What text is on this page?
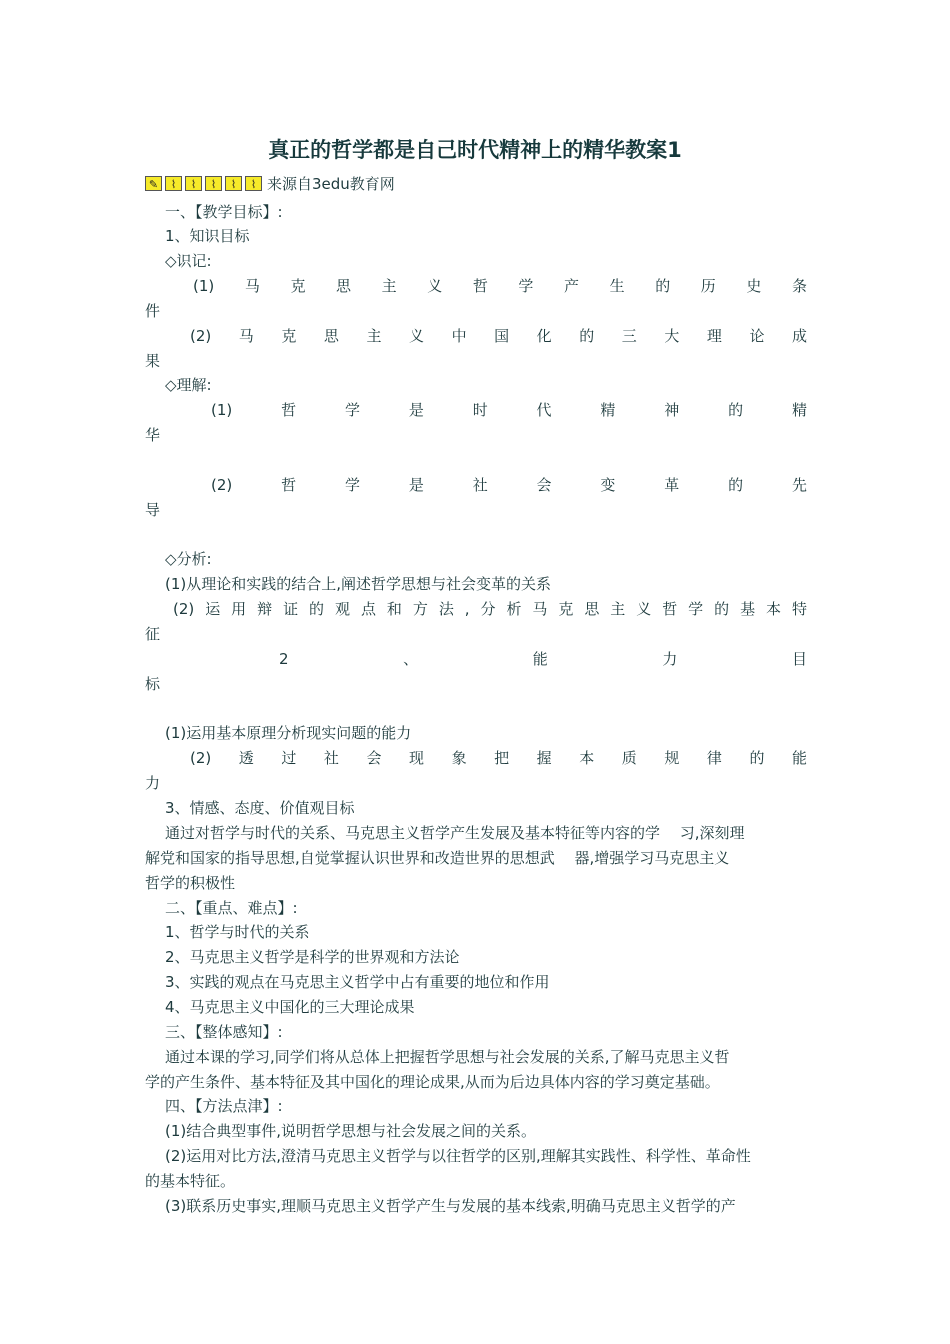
真正的哲学都是自己时代精神上的精华教案1
✎	⌇	⌇	⌇	⌇	⌇ 来源自3edu教育网
一、【教学目标】:
1、知识目标
◇识记:
(1)马克思主义哲学产生的历史条
件
(2)马克思主义中国化的三大理论成
果
◇理解:
(1)哲学是时代精神的精
华
(2)哲学是社会变革的先
导
◇分析:
(1)从理论和实践的结合上,阐述哲学思想与社会变革的关系
(2)运用辩证的观点和方法,分析马克思主义哲学的基本特
征
2、能力目
标
(1)运用基本原理分析现实问题的能力
(2)透过社会现象把握本质规律的能
力
3、情感、态度、价值观目标
通过对哲学与时代的关系、马克思主义哲学产生发展及基本特征等内容的学　 习,深刻理
解党和国家的指导思想,自觉掌握认识世界和改造世界的思想武　 器,增强学习马克思主义
哲学的积极性
二、【重点、难点】:
1、哲学与时代的关系
2、马克思主义哲学是科学的世界观和方法论
3、实践的观点在马克思主义哲学中占有重要的地位和作用
4、马克思主义中国化的三大理论成果
三、【整体感知】:
通过本课的学习,同学们将从总体上把握哲学思想与社会发展的关系,了解马克思主义哲
学的产生条件、基本特征及其中国化的理论成果,从而为后边具体内容的学习奠定基础。
四、【方法点津】:
(1)结合典型事件,说明哲学思想与社会发展之间的关系。
(2)运用对比方法,澄清马克思主义哲学与以往哲学的区别,理解其实践性、科学性、革命性
的基本特征。
(3)联系历史事实,理顺马克思主义哲学产生与发展的基本线索,明确马克思主义哲学的产
